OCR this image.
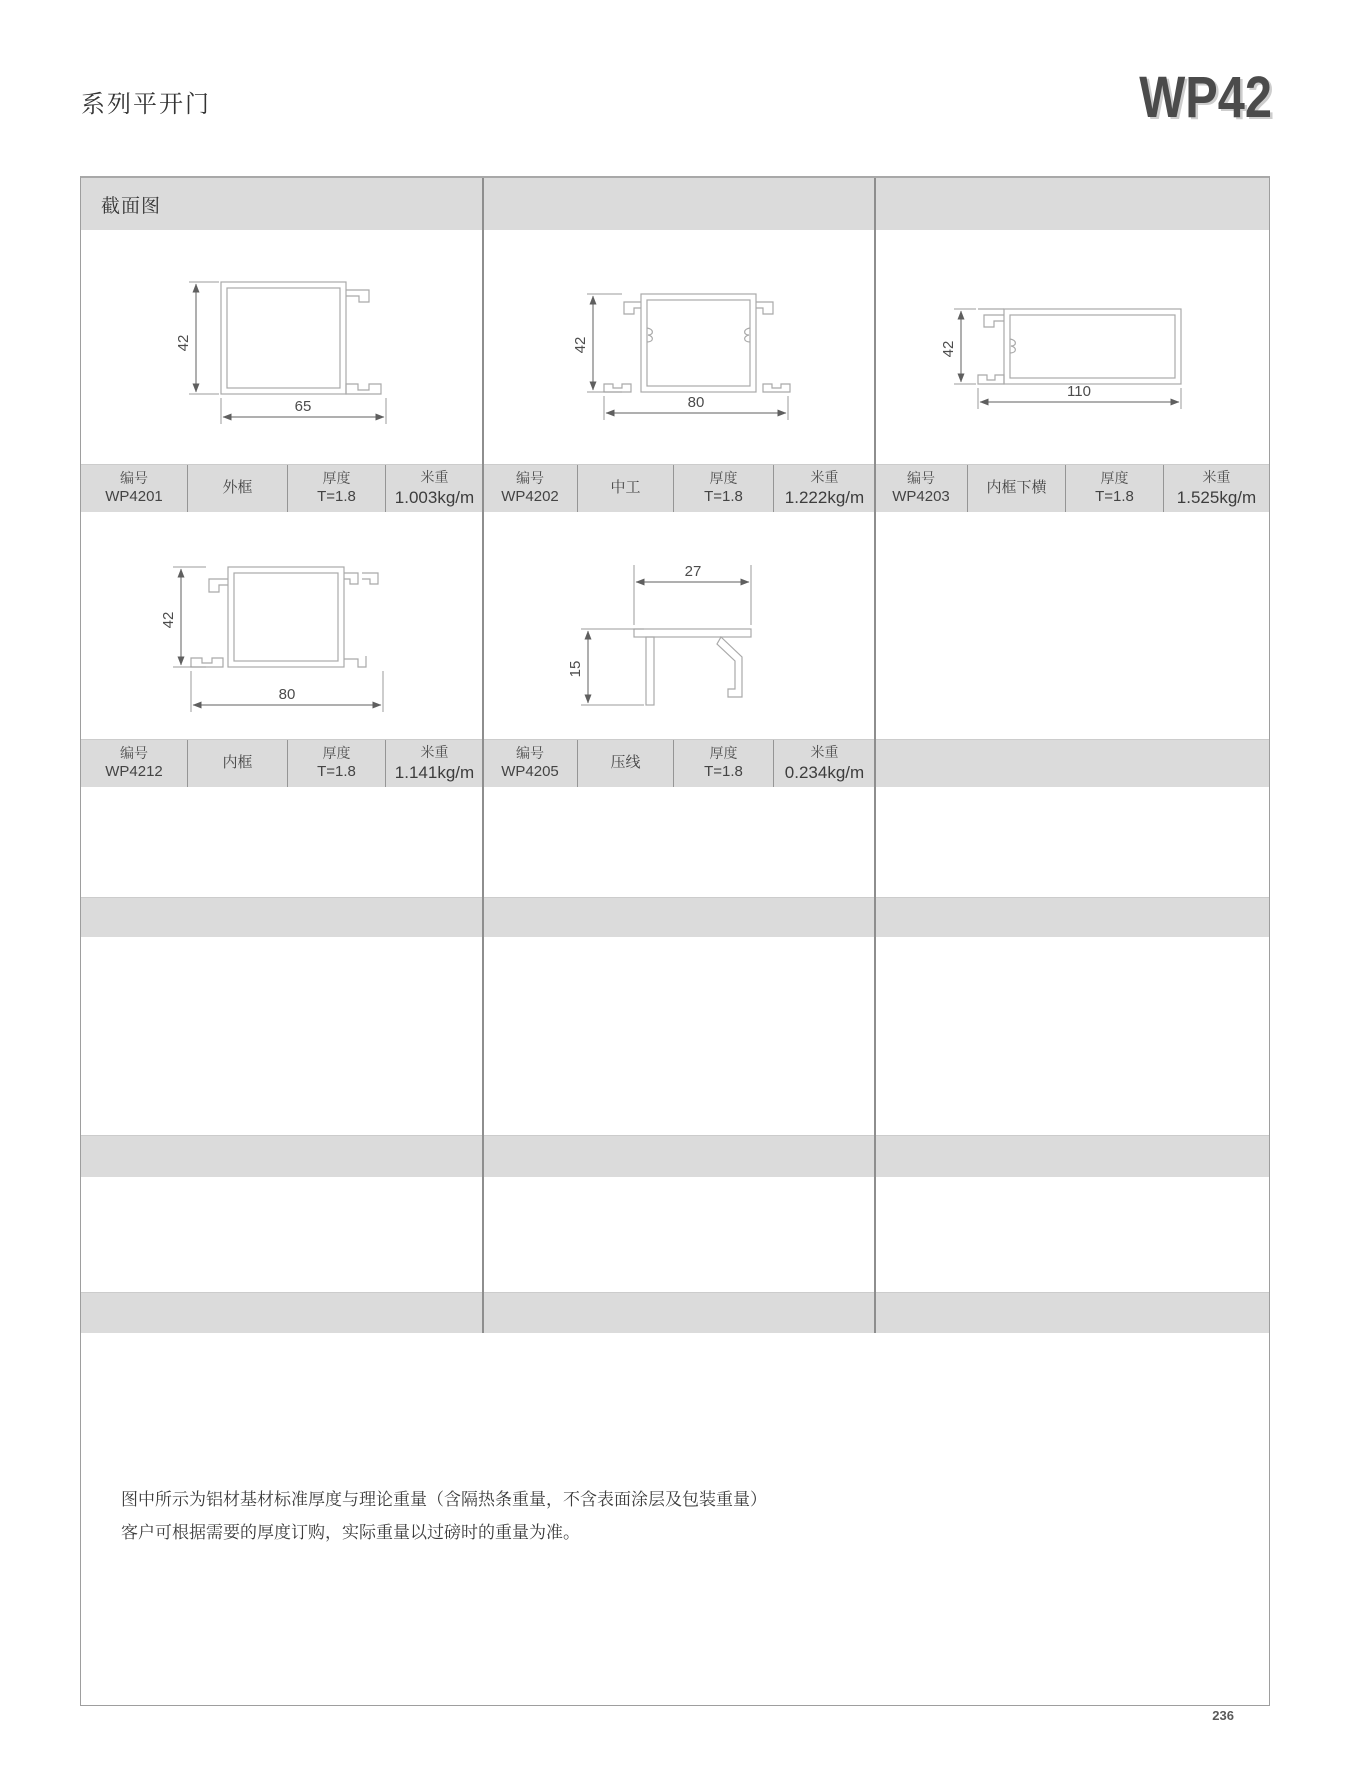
系列平开门	WP42
截面图
编号
WP4201
外框
厚度
T=1.8
米重
1.003kg/m
编号
WP4202
中工
厚度
T=1.8
米重
1.222kg/m
编号
WP4203
内框下横
厚度
T=1.8
米重
1.525kg/m
编号
WP4212
内框
厚度
T=1.8
米重
1.141kg/m
编号
WP4205
压线
厚度
T=1.8
米重
0.234kg/m
42
65
42
80
42
110
42
80
27
15
图中所示为铝材基材标准厚度与理论重量（含隔热条重量，不含表面涂层及包装重量）
客户可根据需要的厚度订购，实际重量以过磅时的重量为准。
236
